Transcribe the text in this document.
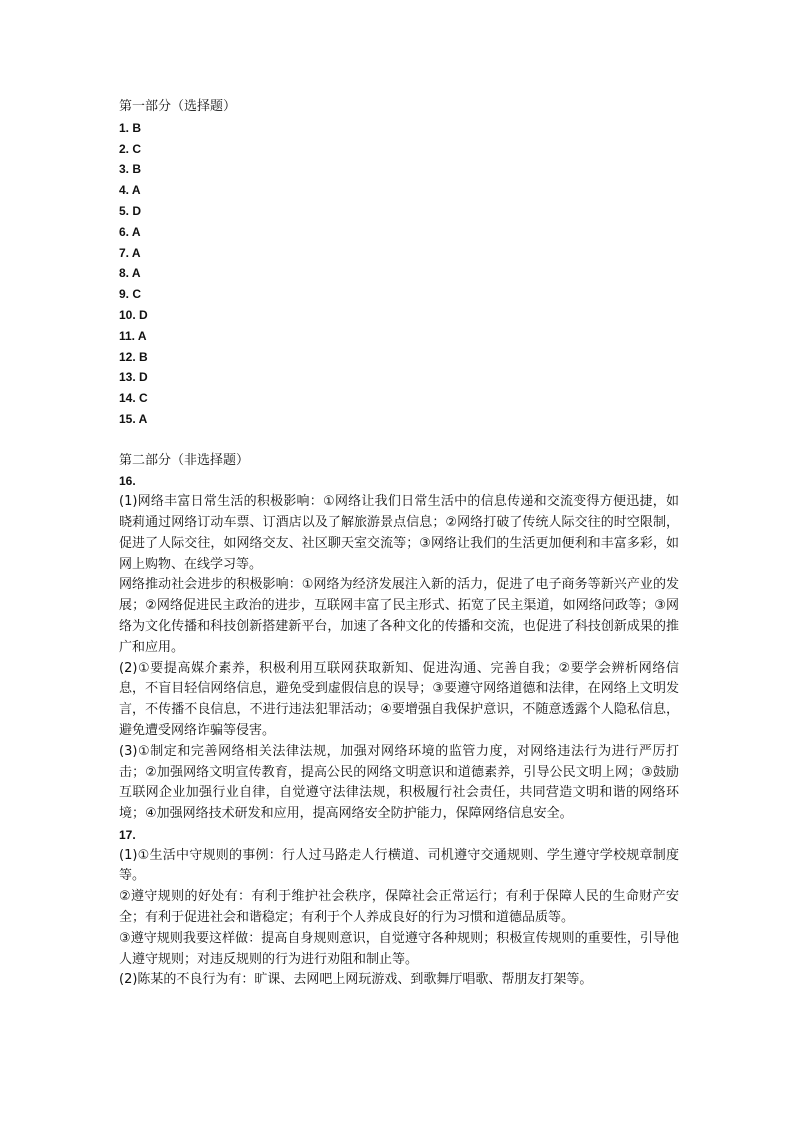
第一部分（选择题）
1. B
2. C
3. B
4. A
5. D
6. A
7. A
8. A
9. C
10. D
11. A
12. B
13. D
14. C
15. A
第二部分（非选择题）
16.
(1)网络丰富日常生活的积极影响：①网络让我们日常生活中的信息传递和交流变得方便迅捷，如晓莉通过网络订动车票、订酒店以及了解旅游景点信息；②网络打破了传统人际交往的时空限制，促进了人际交往，如网络交友、社区聊天室交流等；③网络让我们的生活更加便利和丰富多彩，如网上购物、在线学习等。
网络推动社会进步的积极影响：①网络为经济发展注入新的活力，促进了电子商务等新兴产业的发展；②网络促进民主政治的进步，互联网丰富了民主形式、拓宽了民主渠道，如网络问政等；③网络为文化传播和科技创新搭建新平台，加速了各种文化的传播和交流，也促进了科技创新成果的推广和应用。
(2)①要提高媒介素养，积极利用互联网获取新知、促进沟通、完善自我；②要学会辨析网络信息，不盲目轻信网络信息，避免受到虚假信息的误导；③要遵守网络道德和法律，在网络上文明发言，不传播不良信息，不进行违法犯罪活动；④要增强自我保护意识，不随意透露个人隐私信息，避免遭受网络诈骗等侵害。
(3)①制定和完善网络相关法律法规，加强对网络环境的监管力度，对网络违法行为进行严厉打击；②加强网络文明宣传教育，提高公民的网络文明意识和道德素养，引导公民文明上网；③鼓励互联网企业加强行业自律，自觉遵守法律法规，积极履行社会责任，共同营造文明和谐的网络环境；④加强网络技术研发和应用，提高网络安全防护能力，保障网络信息安全。
17.
(1)①生活中守规则的事例：行人过马路走人行横道、司机遵守交通规则、学生遵守学校规章制度等。
②遵守规则的好处有：有利于维护社会秩序，保障社会正常运行；有利于保障人民的生命财产安全；有利于促进社会和谐稳定；有利于个人养成良好的行为习惯和道德品质等。
③遵守规则我要这样做：提高自身规则意识，自觉遵守各种规则；积极宣传规则的重要性，引导他人遵守规则；对违反规则的行为进行劝阻和制止等。
(2)陈某的不良行为有：旷课、去网吧上网玩游戏、到歌舞厅唱歌、帮朋友打架等。
